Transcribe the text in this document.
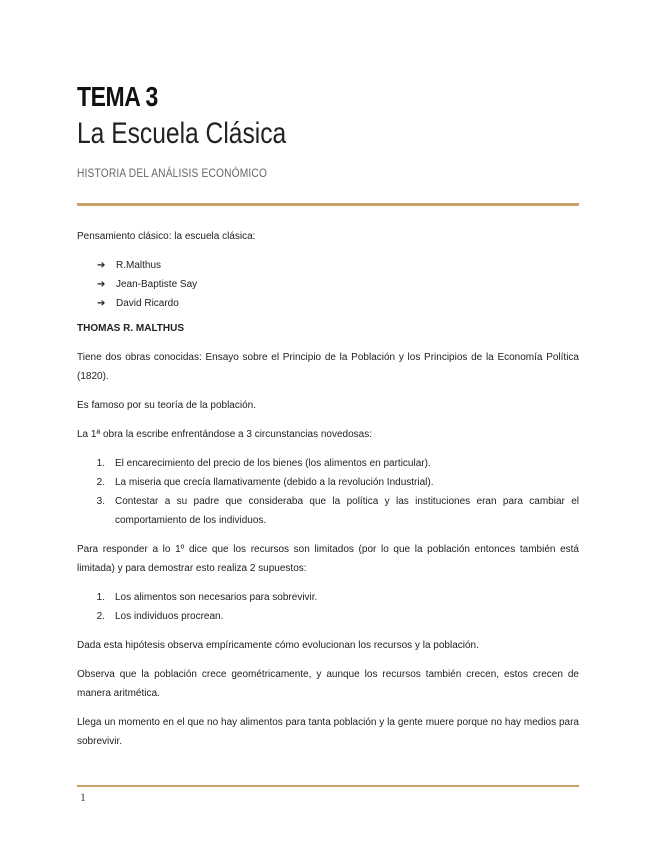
TEMA 3
La Escuela Clásica
HISTORIA DEL ANÁLISIS ECONÓMICO

Pensamiento clásico: la escuela clásica:

➔	R.Malthus
➔	Jean-Baptiste Say
➔	David Ricardo

THOMAS R. MALTHUS

Tiene dos obras conocidas: Ensayo sobre el Principio de la Población y los Principios de la Economía Política (1820).

Es famoso por su teoría de la población.

La 1ª obra la escribe enfrentándose a 3 circunstancias novedosas:

1.	El encarecimiento del precio de los bienes (los alimentos en particular).
2.	La miseria que crecía llamativamente (debido a la revolución Industrial).
3.	Contestar a su padre que consideraba que la política y las instituciones eran para cambiar el comportamiento de los individuos.

Para responder a lo 1º dice que los recursos son limitados (por lo que la población entonces también está limitada) y para demostrar esto realiza 2 supuestos:

1.	Los alimentos son necesarios para sobrevivir.
2.	Los individuos procrean.

Dada esta hipótesis observa empíricamente cómo evolucionan los recursos y la población.

Observa que la población crece geométricamente, y aunque los recursos también crecen, estos crecen de manera aritmética.

Llega un momento en el que no hay alimentos para tanta población y la gente muere porque no hay medios para sobrevivir.

1
